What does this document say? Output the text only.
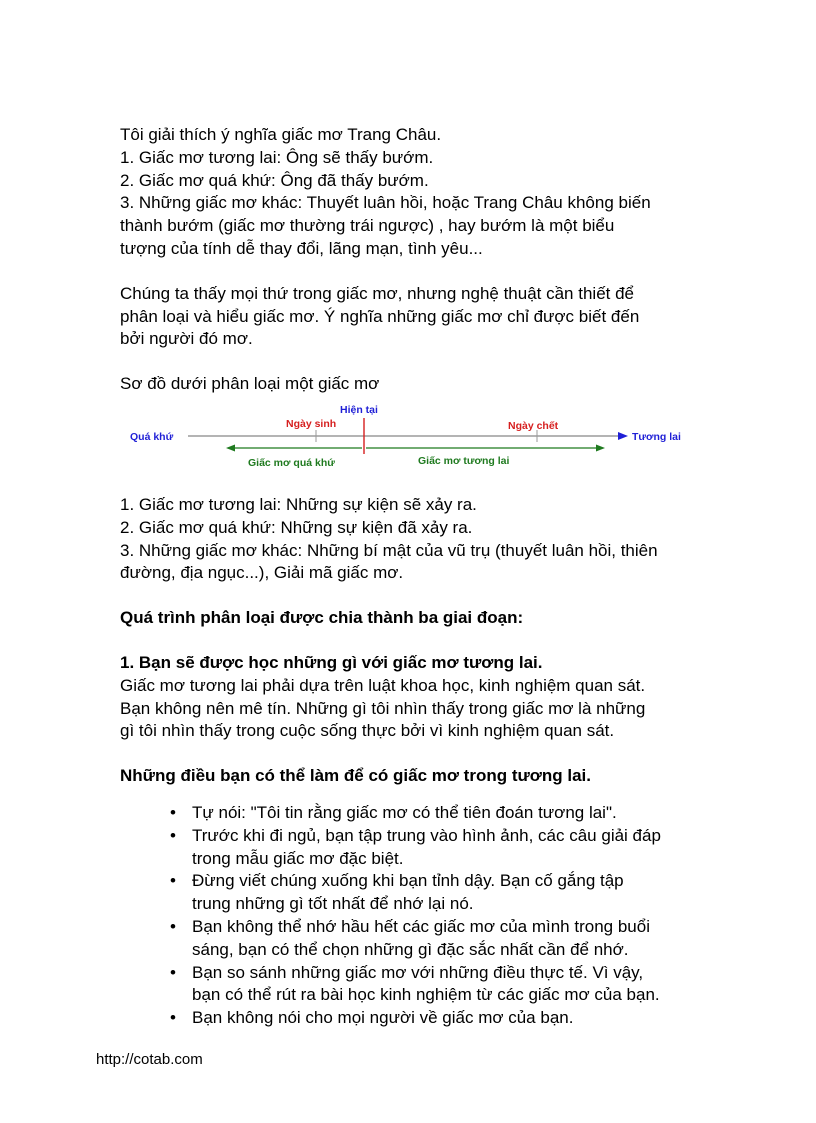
Tôi giải thích ý nghĩa giấc mơ Trang Châu.

1. Giấc mơ tương lai: Ông sẽ thấy bướm.

2. Giấc mơ quá khứ: Ông đã thấy bướm.

3. Những giấc mơ khác: Thuyết luân hồi, hoặc Trang Châu không biến

thành bướm (giấc mơ thường trái ngược) , hay bướm là một biểu

tượng của tính dễ thay đổi, lãng mạn, tình yêu...

Chúng ta thấy mọi thứ trong giấc mơ, nhưng nghệ thuật cần thiết để

phân loại và hiểu giấc mơ. Ý nghĩa những giấc mơ chỉ được biết đến

bởi người đó mơ.

Sơ đồ dưới phân loại một giấc mơ

1. Giấc mơ tương lai: Những sự kiện sẽ xảy ra.

2. Giấc mơ quá khứ: Những sự kiện đã xảy ra.

3. Những giấc mơ khác: Những bí mật của vũ trụ (thuyết luân hồi, thiên

đường, địa ngục...), Giải mã giấc mơ.

Quá trình phân loại được chia thành ba giai đoạn:

1. Bạn sẽ được học những gì với giấc mơ tương lai.

Giấc mơ tương lai phải dựa trên luật khoa học, kinh nghiệm quan sát.

Bạn không nên mê tín. Những gì tôi nhìn thấy trong giấc mơ là những

gì tôi nhìn thấy trong cuộc sống thực bởi vì kinh nghiệm quan sát.

Những điều bạn có thể làm để có giấc mơ trong tương lai.

• Tự nói: "Tôi tin rằng giấc mơ có thể tiên đoán tương lai".
• Trước khi đi ngủ, bạn tập trung vào hình ảnh, các câu giải đáp
trong mẫu giấc mơ đặc biệt.
• Đừng viết chúng xuống khi bạn tỉnh dậy. Bạn cố gắng tập
trung những gì tốt nhất để nhớ lại nó.
• Bạn không thể nhớ hầu hết các giấc mơ của mình trong buổi
sáng, bạn có thể chọn những gì đặc sắc nhất cần để nhớ.
• Bạn so sánh những giấc mơ với những điều thực tế. Vì vậy,
bạn có thể rút ra bài học kinh nghiệm từ các giấc mơ của bạn.
• Bạn không nói cho mọi người về giấc mơ của bạn.
Quá khứ	Tương lai
Hiện tại
Ngày sinh	Ngày chết
Giấc mơ quá khứ	Giấc mơ tương lai
http://cotab.com
